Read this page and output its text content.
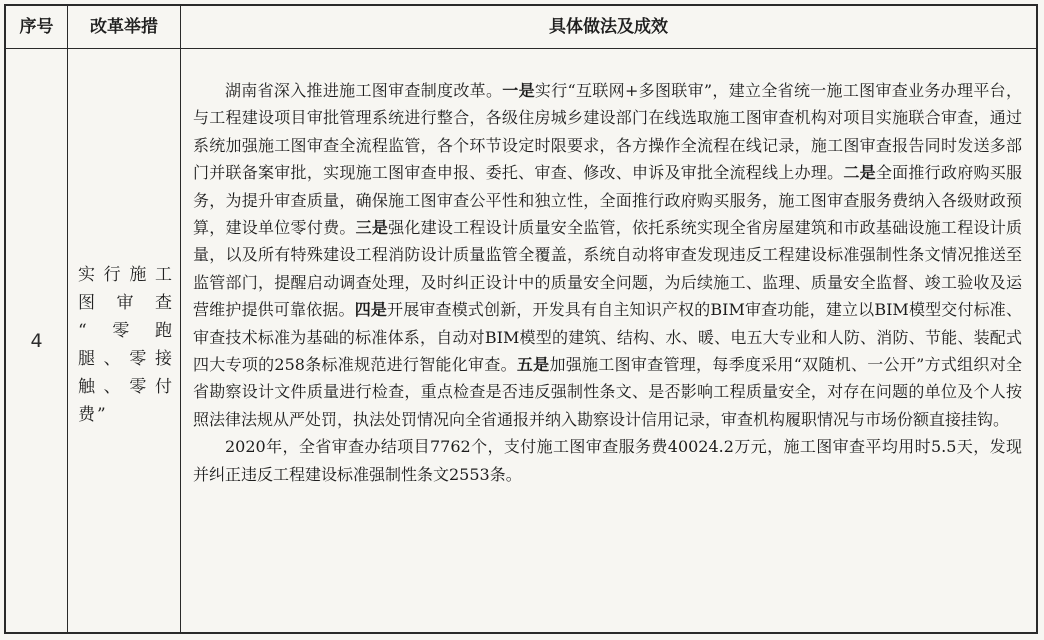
序号	改革举措	具体做法及成效
4
实行施工
图审查
“零跑
腿、零接
触、零付
费”

湖南省深入推进施工图审查制度改革。一是实行“互联网+多图联审”，建立全省统一施工图审查业务办理平台，与工程建设项目审批管理系统进行整合，各级住房城乡建设部门在线选取施工图审查机构对项目实施联合审查，通过系统加强施工图审查全流程监管，各个环节设定时限要求，各方操作全流程在线记录，施工图审查报告同时发送多部门并联备案审批，实现施工图审查申报、委托、审查、修改、申诉及审批全流程线上办理。二是全面推行政府购买服务，为提升审查质量，确保施工图审查公平性和独立性，全面推行政府购买服务，施工图审查服务费纳入各级财政预算，建设单位零付费。三是强化建设工程设计质量安全监管，依托系统实现全省房屋建筑和市政基础设施工程设计质量，以及所有特殊建设工程消防设计质量监管全覆盖，系统自动将审查发现违反工程建设标准强制性条文情况推送至监管部门，提醒启动调查处理，及时纠正设计中的质量安全问题，为后续施工、监理、质量安全监督、竣工验收及运营维护提供可靠依据。四是开展审查模式创新，开发具有自主知识产权的BIM审查功能，建立以BIM模型交付标准、审查技术标准为基础的标准体系，自动对BIM模型的建筑、结构、水、暖、电五大专业和人防、消防、节能、装配式四大专项的258条标准规范进行智能化审查。五是加强施工图审查管理，每季度采用“双随机、一公开”方式组织对全省勘察设计文件质量进行检查，重点检查是否违反强制性条文、是否影响工程质量安全，对存在问题的单位及个人按照法律法规从严处罚，执法处罚情况向全省通报并纳入勘察设计信用记录，审查机构履职情况与市场份额直接挂钩。

2020年，全省审查办结项目7762个，支付施工图审查服务费40024.2万元，施工图审查平均用时5.5天，发现并纠正违反工程建设标准强制性条文2553条。
